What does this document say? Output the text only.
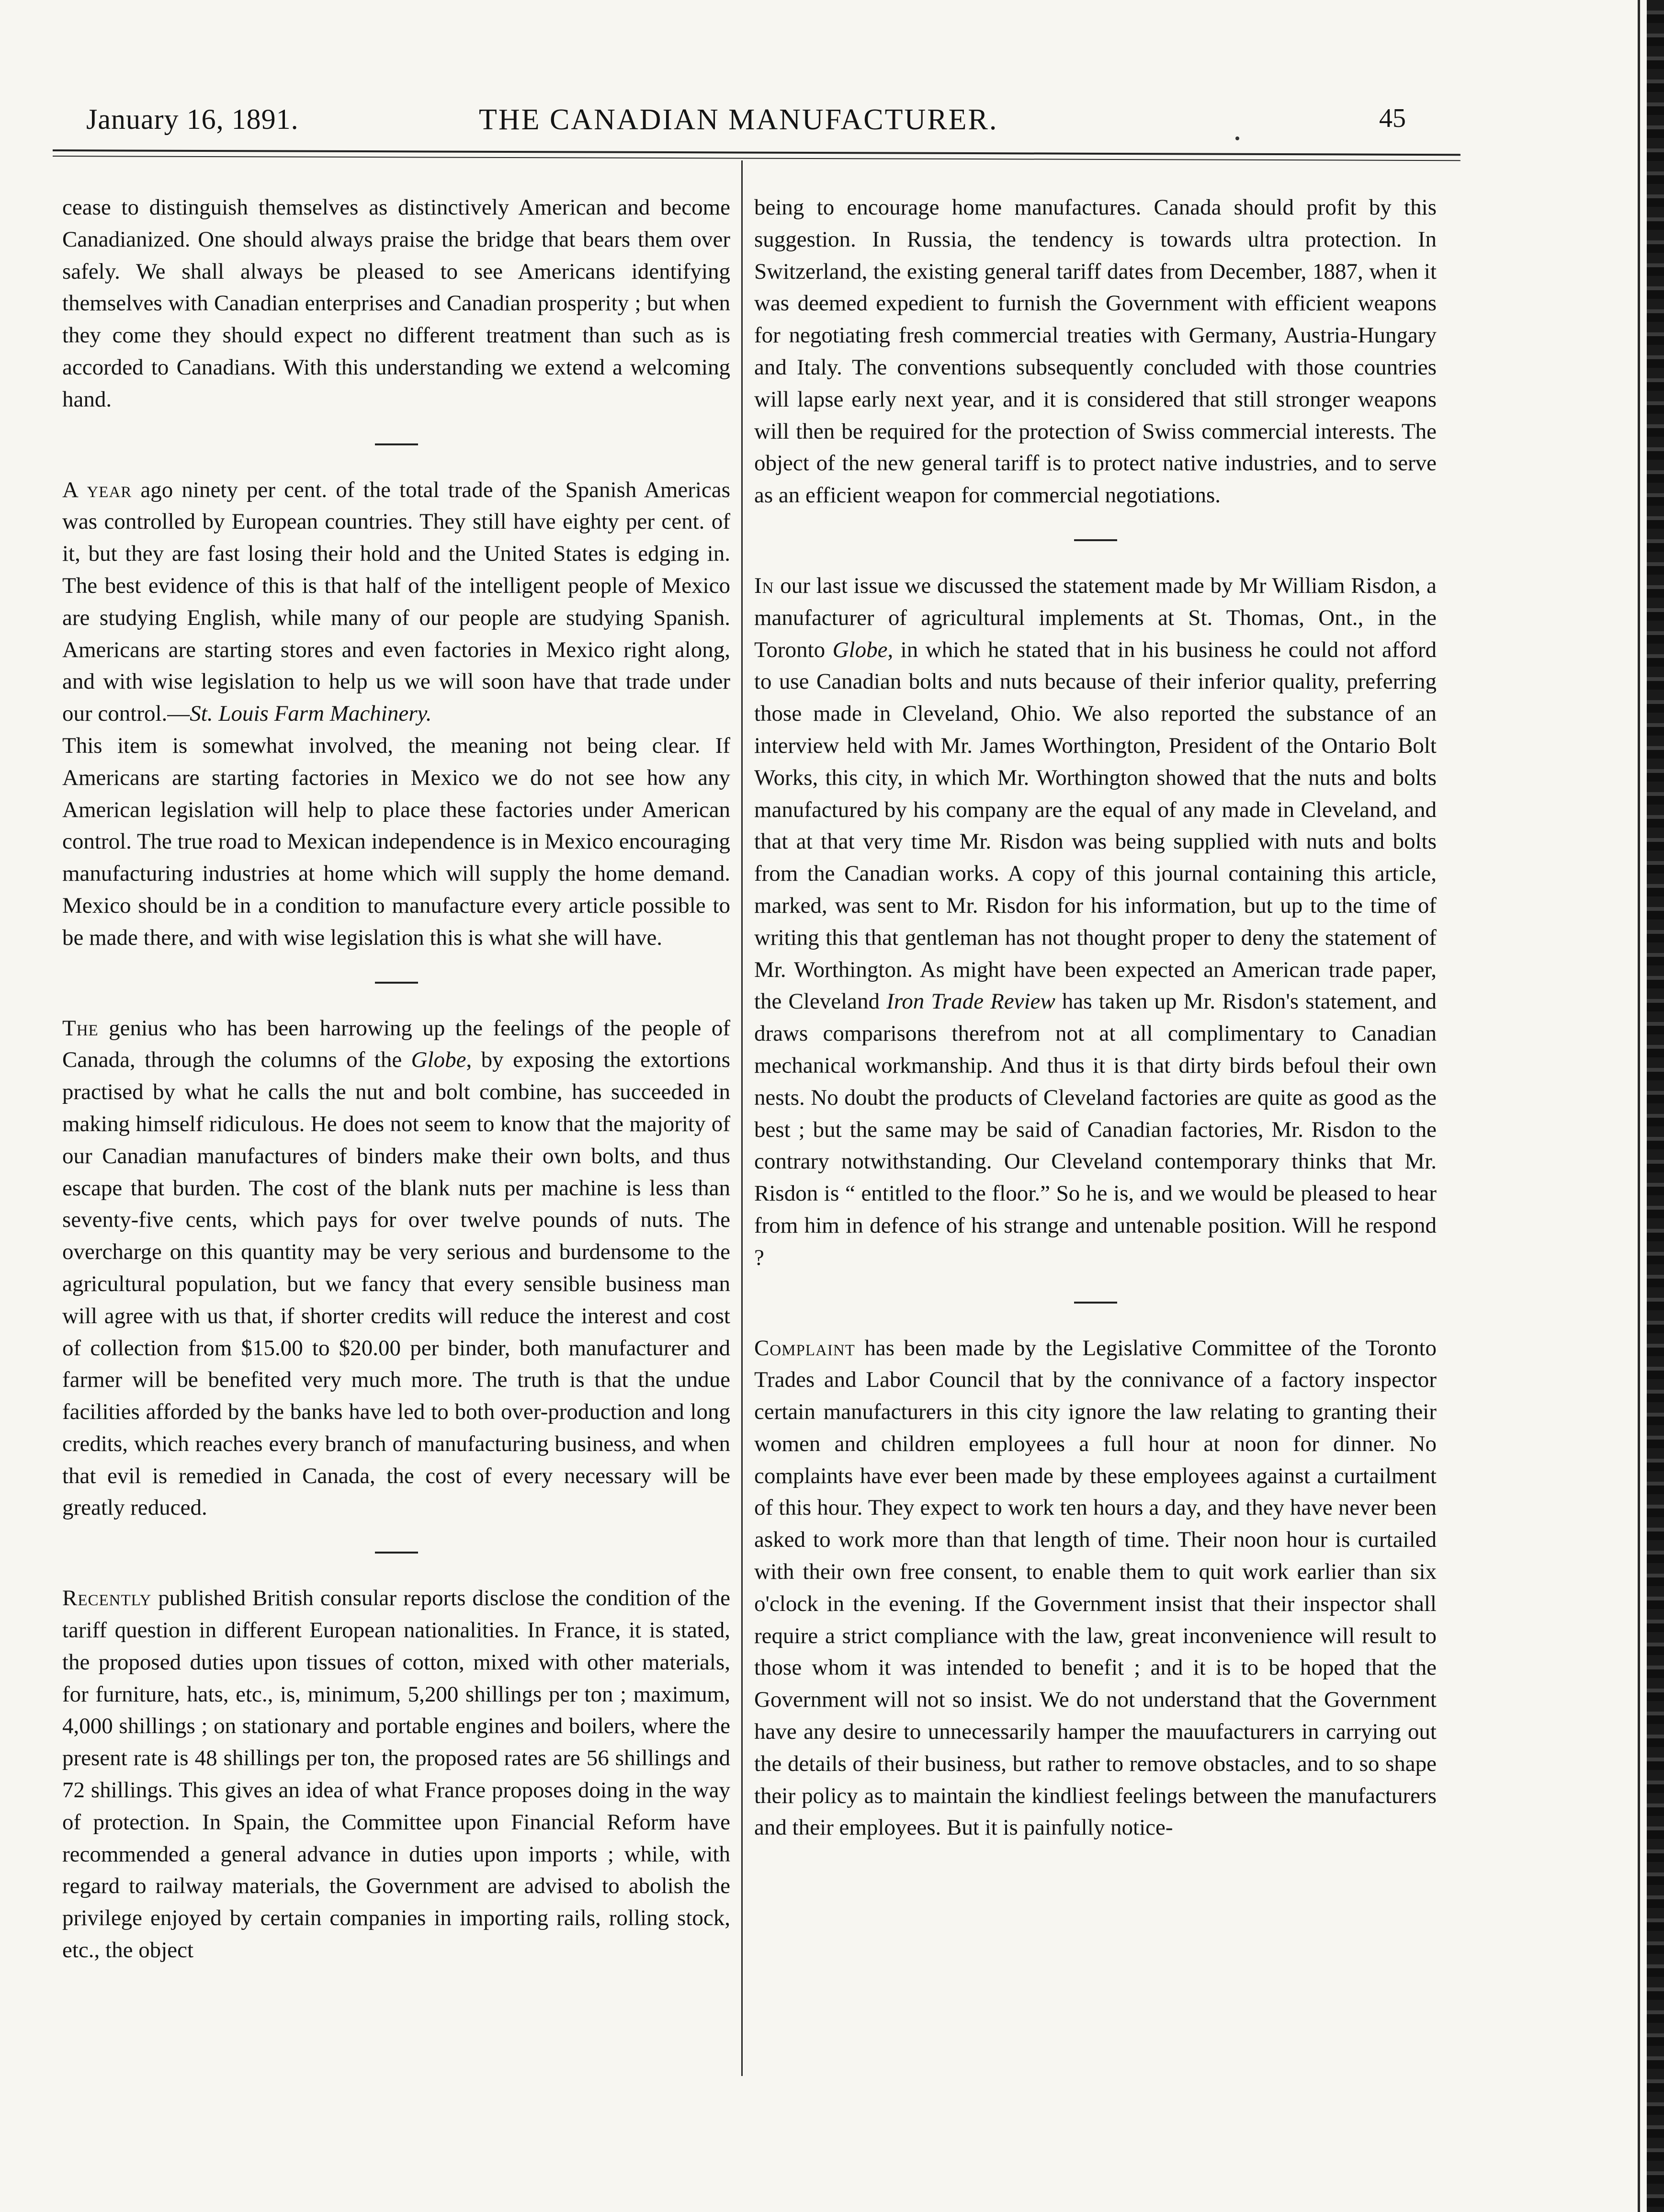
January 16, 1891.	THE CANADIAN MANUFACTURER.	45

cease to distinguish themselves as distinctively American and become Canadianized. One should always praise the bridge that bears them over safely. We shall always be pleased to see Americans identifying themselves with Canadian enterprises and Canadian prosperity ; but when they come they should expect no different treatment than such as is accorded to Canadians. With this understanding we extend a welcoming hand.

A year ago ninety per cent. of the total trade of the Spanish Americas was controlled by European countries. They still have eighty per cent. of it, but they are fast losing their hold and the United States is edging in. The best evidence of this is that half of the intelligent people of Mexico are studying English, while many of our people are studying Spanish. Americans are starting stores and even factories in Mexico right along, and with wise legislation to help us we will soon have that trade under our control.—St. Louis Farm Machinery.

This item is somewhat involved, the meaning not being clear. If Americans are starting factories in Mexico we do not see how any American legislation will help to place these factories under American control. The true road to Mexican independence is in Mexico encouraging manufacturing industries at home which will supply the home demand. Mexico should be in a condition to manufacture every article possible to be made there, and with wise legislation this is what she will have.

The genius who has been harrowing up the feelings of the people of Canada, through the columns of the Globe, by exposing the extortions practised by what he calls the nut and bolt combine, has succeeded in making himself ridiculous. He does not seem to know that the majority of our Canadian manufactures of binders make their own bolts, and thus escape that burden. The cost of the blank nuts per machine is less than seventy-five cents, which pays for over twelve pounds of nuts. The overcharge on this quantity may be very serious and burdensome to the agricultural population, but we fancy that every sensible business man will agree with us that, if shorter credits will reduce the interest and cost of collection from $15.00 to $20.00 per binder, both manufacturer and farmer will be benefited very much more. The truth is that the undue facilities afforded by the banks have led to both over-production and long credits, which reaches every branch of manufacturing business, and when that evil is remedied in Canada, the cost of every necessary will be greatly reduced.

Recently published British consular reports disclose the condition of the tariff question in different European nationalities. In France, it is stated, the proposed duties upon tissues of cotton, mixed with other materials, for furniture, hats, etc., is, minimum, 5,200 shillings per ton ; maximum, 4,000 shillings ; on stationary and portable engines and boilers, where the present rate is 48 shillings per ton, the proposed rates are 56 shillings and 72 shillings. This gives an idea of what France proposes doing in the way of protection. In Spain, the Committee upon Financial Reform have recommended a general advance in duties upon imports ; while, with regard to railway materials, the Government are advised to abolish the privilege enjoyed by certain companies in importing rails, rolling stock, etc., the object

being to encourage home manufactures. Canada should profit by this suggestion. In Russia, the tendency is towards ultra protection. In Switzerland, the existing general tariff dates from December, 1887, when it was deemed expedient to furnish the Government with efficient weapons for negotiating fresh commercial treaties with Germany, Austria-Hungary and Italy. The conventions subsequently concluded with those countries will lapse early next year, and it is considered that still stronger weapons will then be required for the protection of Swiss commercial interests. The object of the new general tariff is to protect native industries, and to serve as an efficient weapon for commercial negotiations.

In our last issue we discussed the statement made by Mr William Risdon, a manufacturer of agricultural implements at St. Thomas, Ont., in the Toronto Globe, in which he stated that in his business he could not afford to use Canadian bolts and nuts because of their inferior quality, preferring those made in Cleveland, Ohio. We also reported the substance of an interview held with Mr. James Worthington, President of the Ontario Bolt Works, this city, in which Mr. Worthington showed that the nuts and bolts manufactured by his company are the equal of any made in Cleveland, and that at that very time Mr. Risdon was being supplied with nuts and bolts from the Canadian works. A copy of this journal containing this article, marked, was sent to Mr. Risdon for his information, but up to the time of writing this that gentleman has not thought proper to deny the statement of Mr. Worthington. As might have been expected an American trade paper, the Cleveland Iron Trade Review has taken up Mr. Risdon's statement, and draws comparisons therefrom not at all complimentary to Canadian mechanical workmanship. And thus it is that dirty birds befoul their own nests. No doubt the products of Cleveland factories are quite as good as the best ; but the same may be said of Canadian factories, Mr. Risdon to the contrary notwithstanding. Our Cleveland contemporary thinks that Mr. Risdon is “ entitled to the floor.” So he is, and we would be pleased to hear from him in defence of his strange and untenable position. Will he respond ?

Complaint has been made by the Legislative Committee of the Toronto Trades and Labor Council that by the connivance of a factory inspector certain manufacturers in this city ignore the law relating to granting their women and children employees a full hour at noon for dinner. No complaints have ever been made by these employees against a curtailment of this hour. They expect to work ten hours a day, and they have never been asked to work more than that length of time. Their noon hour is curtailed with their own free consent, to enable them to quit work earlier than six o'clock in the evening. If the Government insist that their inspector shall require a strict compliance with the law, great inconvenience will result to those whom it was intended to benefit ; and it is to be hoped that the Government will not so insist. We do not understand that the Government have any desire to unnecessarily hamper the mauufacturers in carrying out the details of their business, but rather to remove obstacles, and to so shape their policy as to maintain the kindliest feelings between the manufacturers and their employees. But it is painfully notice-
